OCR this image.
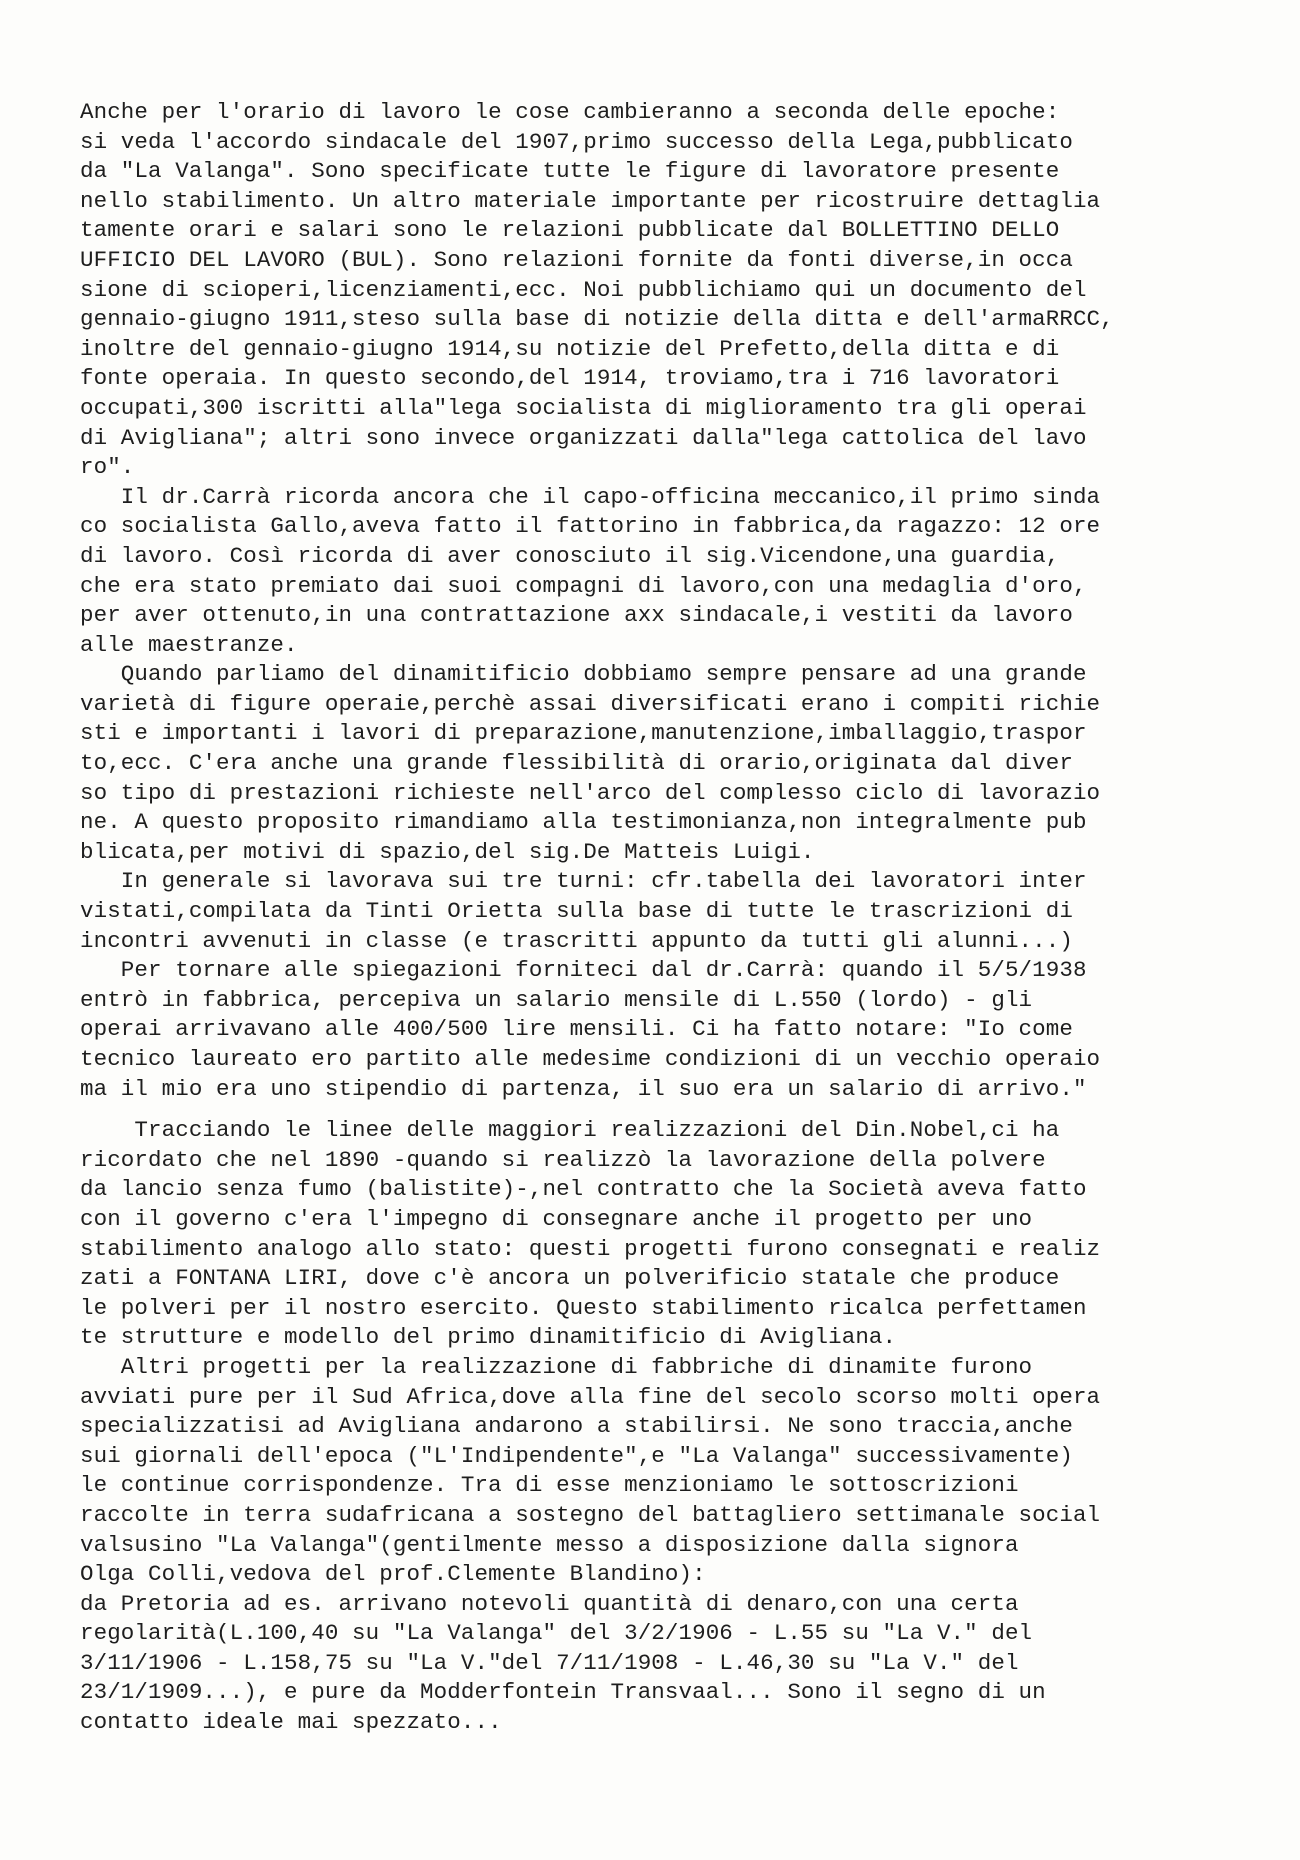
Anche per l'orario di lavoro le cose cambieranno a seconda delle epoche:
si veda l'accordo sindacale del 1907,primo successo della Lega,pubblicato
da "La Valanga". Sono specificate tutte le figure di lavoratore presente
nello stabilimento. Un altro materiale importante per ricostruire dettaglia
tamente orari e salari sono le relazioni pubblicate dal BOLLETTINO DELLO
UFFICIO DEL LAVORO (BUL). Sono relazioni fornite da fonti diverse,in occa
sione di scioperi,licenziamenti,ecc. Noi pubblichiamo qui un documento del
gennaio-giugno 1911,steso sulla base di notizie della ditta e dell'armaRRCC,
inoltre del gennaio-giugno 1914,su notizie del Prefetto,della ditta e di
fonte operaia. In questo secondo,del 1914, troviamo,tra i 716 lavoratori
occupati,300 iscritti alla"lega socialista di miglioramento tra gli operai
di Avigliana"; altri sono invece organizzati dalla"lega cattolica del lavo
ro".
Il dr.Carrà ricorda ancora che il capo-officina meccanico,il primo sinda
co socialista Gallo,aveva fatto il fattorino in fabbrica,da ragazzo: 12 ore
di lavoro. Così ricorda di aver conosciuto il sig.Vicendone,una guardia,
che era stato premiato dai suoi compagni di lavoro,con una medaglia d'oro,
per aver ottenuto,in una contrattazione axx sindacale,i vestiti da lavoro
alle maestranze.
Quando parliamo del dinamitificio dobbiamo sempre pensare ad una grande
varietà di figure operaie,perchè assai diversificati erano i compiti richie
sti e importanti i lavori di preparazione,manutenzione,imballaggio,traspor
to,ecc. C'era anche una grande flessibilità di orario,originata dal diver
so tipo di prestazioni richieste nell'arco del complesso ciclo di lavorazio
ne. A questo proposito rimandiamo alla testimonianza,non integralmente pub
blicata,per motivi di spazio,del sig.De Matteis Luigi.
In generale si lavorava sui tre turni: cfr.tabella dei lavoratori inter
vistati,compilata da Tinti Orietta sulla base di tutte le trascrizioni di
incontri avvenuti in classe (e trascritti appunto da tutti gli alunni...)
Per tornare alle spiegazioni forniteci dal dr.Carrà: quando il 5/5/1938
entrò in fabbrica, percepiva un salario mensile di L.550 (lordo) - gli
operai arrivavano alle 400/500 lire mensili. Ci ha fatto notare: "Io come
tecnico laureato ero partito alle medesime condizioni di un vecchio operaio
ma il mio era uno stipendio di partenza, il suo era un salario di arrivo."
Tracciando le linee delle maggiori realizzazioni del Din.Nobel,ci ha
ricordato che nel 1890 -quando si realizzò la lavorazione della polvere
da lancio senza fumo (balistite)-,nel contratto che la Società aveva fatto
con il governo c'era l'impegno di consegnare anche il progetto per uno
stabilimento analogo allo stato: questi progetti furono consegnati e realiz
zati a FONTANA LIRI, dove c'è ancora un polverificio statale che produce
le polveri per il nostro esercito. Questo stabilimento ricalca perfettamen
te strutture e modello del primo dinamitificio di Avigliana.
Altri progetti per la realizzazione di fabbriche di dinamite furono
avviati pure per il Sud Africa,dove alla fine del secolo scorso molti opera
specializzatisi ad Avigliana andarono a stabilirsi. Ne sono traccia,anche
sui giornali dell'epoca ("L'Indipendente",e "La Valanga" successivamente)
le continue corrispondenze. Tra di esse menzioniamo le sottoscrizioni
raccolte in terra sudafricana a sostegno del battagliero settimanale social
valsusino "La Valanga"(gentilmente messo a disposizione dalla signora
Olga Colli,vedova del prof.Clemente Blandino):
da Pretoria ad es. arrivano notevoli quantità di denaro,con una certa
regolarità(L.100,40 su "La Valanga" del 3/2/1906 - L.55 su "La V." del
3/11/1906 - L.158,75 su "La V."del 7/11/1908 - L.46,30 su "La V." del
23/1/1909...), e pure da Modderfontein Transvaal... Sono il segno di un
contatto ideale mai spezzato...
